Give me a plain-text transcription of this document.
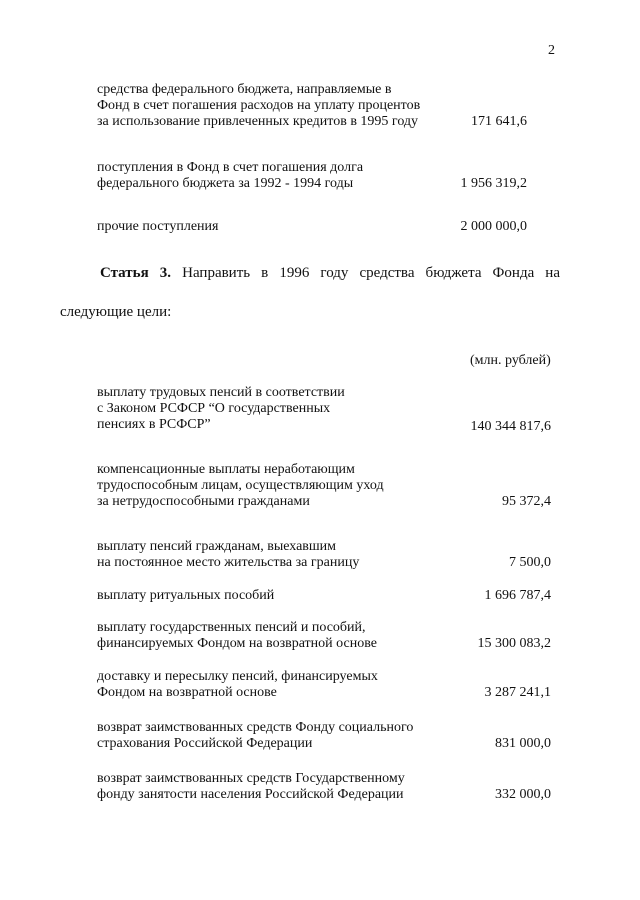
2
средства федерального бюджета, направляемые в
Фонд в счет погашения расходов на уплату процентов
за использование привлеченных кредитов в 1995 году	171 641,6
поступления в Фонд в счет погашения долга
федерального бюджета за 1992 - 1994 годы	1 956 319,2
прочие поступления	2 000 000,0
Статья 3. Направить в 1996 году средства бюджета Фонда на
следующие цели:
(млн. рублей)
выплату трудовых пенсий в соответствии
с Законом РСФСР “О государственных
пенсиях в РСФСР”	140 344 817,6
компенсационные выплаты неработающим
трудоспособным лицам, осуществляющим уход
за нетрудоспособными гражданами	95 372,4
выплату пенсий гражданам, выехавшим
на постоянное место жительства за границу	7 500,0
выплату ритуальных пособий	1 696 787,4
выплату государственных пенсий и пособий,
финансируемых Фондом на возвратной основе	15 300 083,2
доставку и пересылку пенсий, финансируемых
Фондом на возвратной основе	3 287 241,1
возврат заимствованных средств Фонду социального
страхования Российской Федерации	831 000,0
возврат заимствованных средств Государственному
фонду занятости населения Российской Федерации	332 000,0
